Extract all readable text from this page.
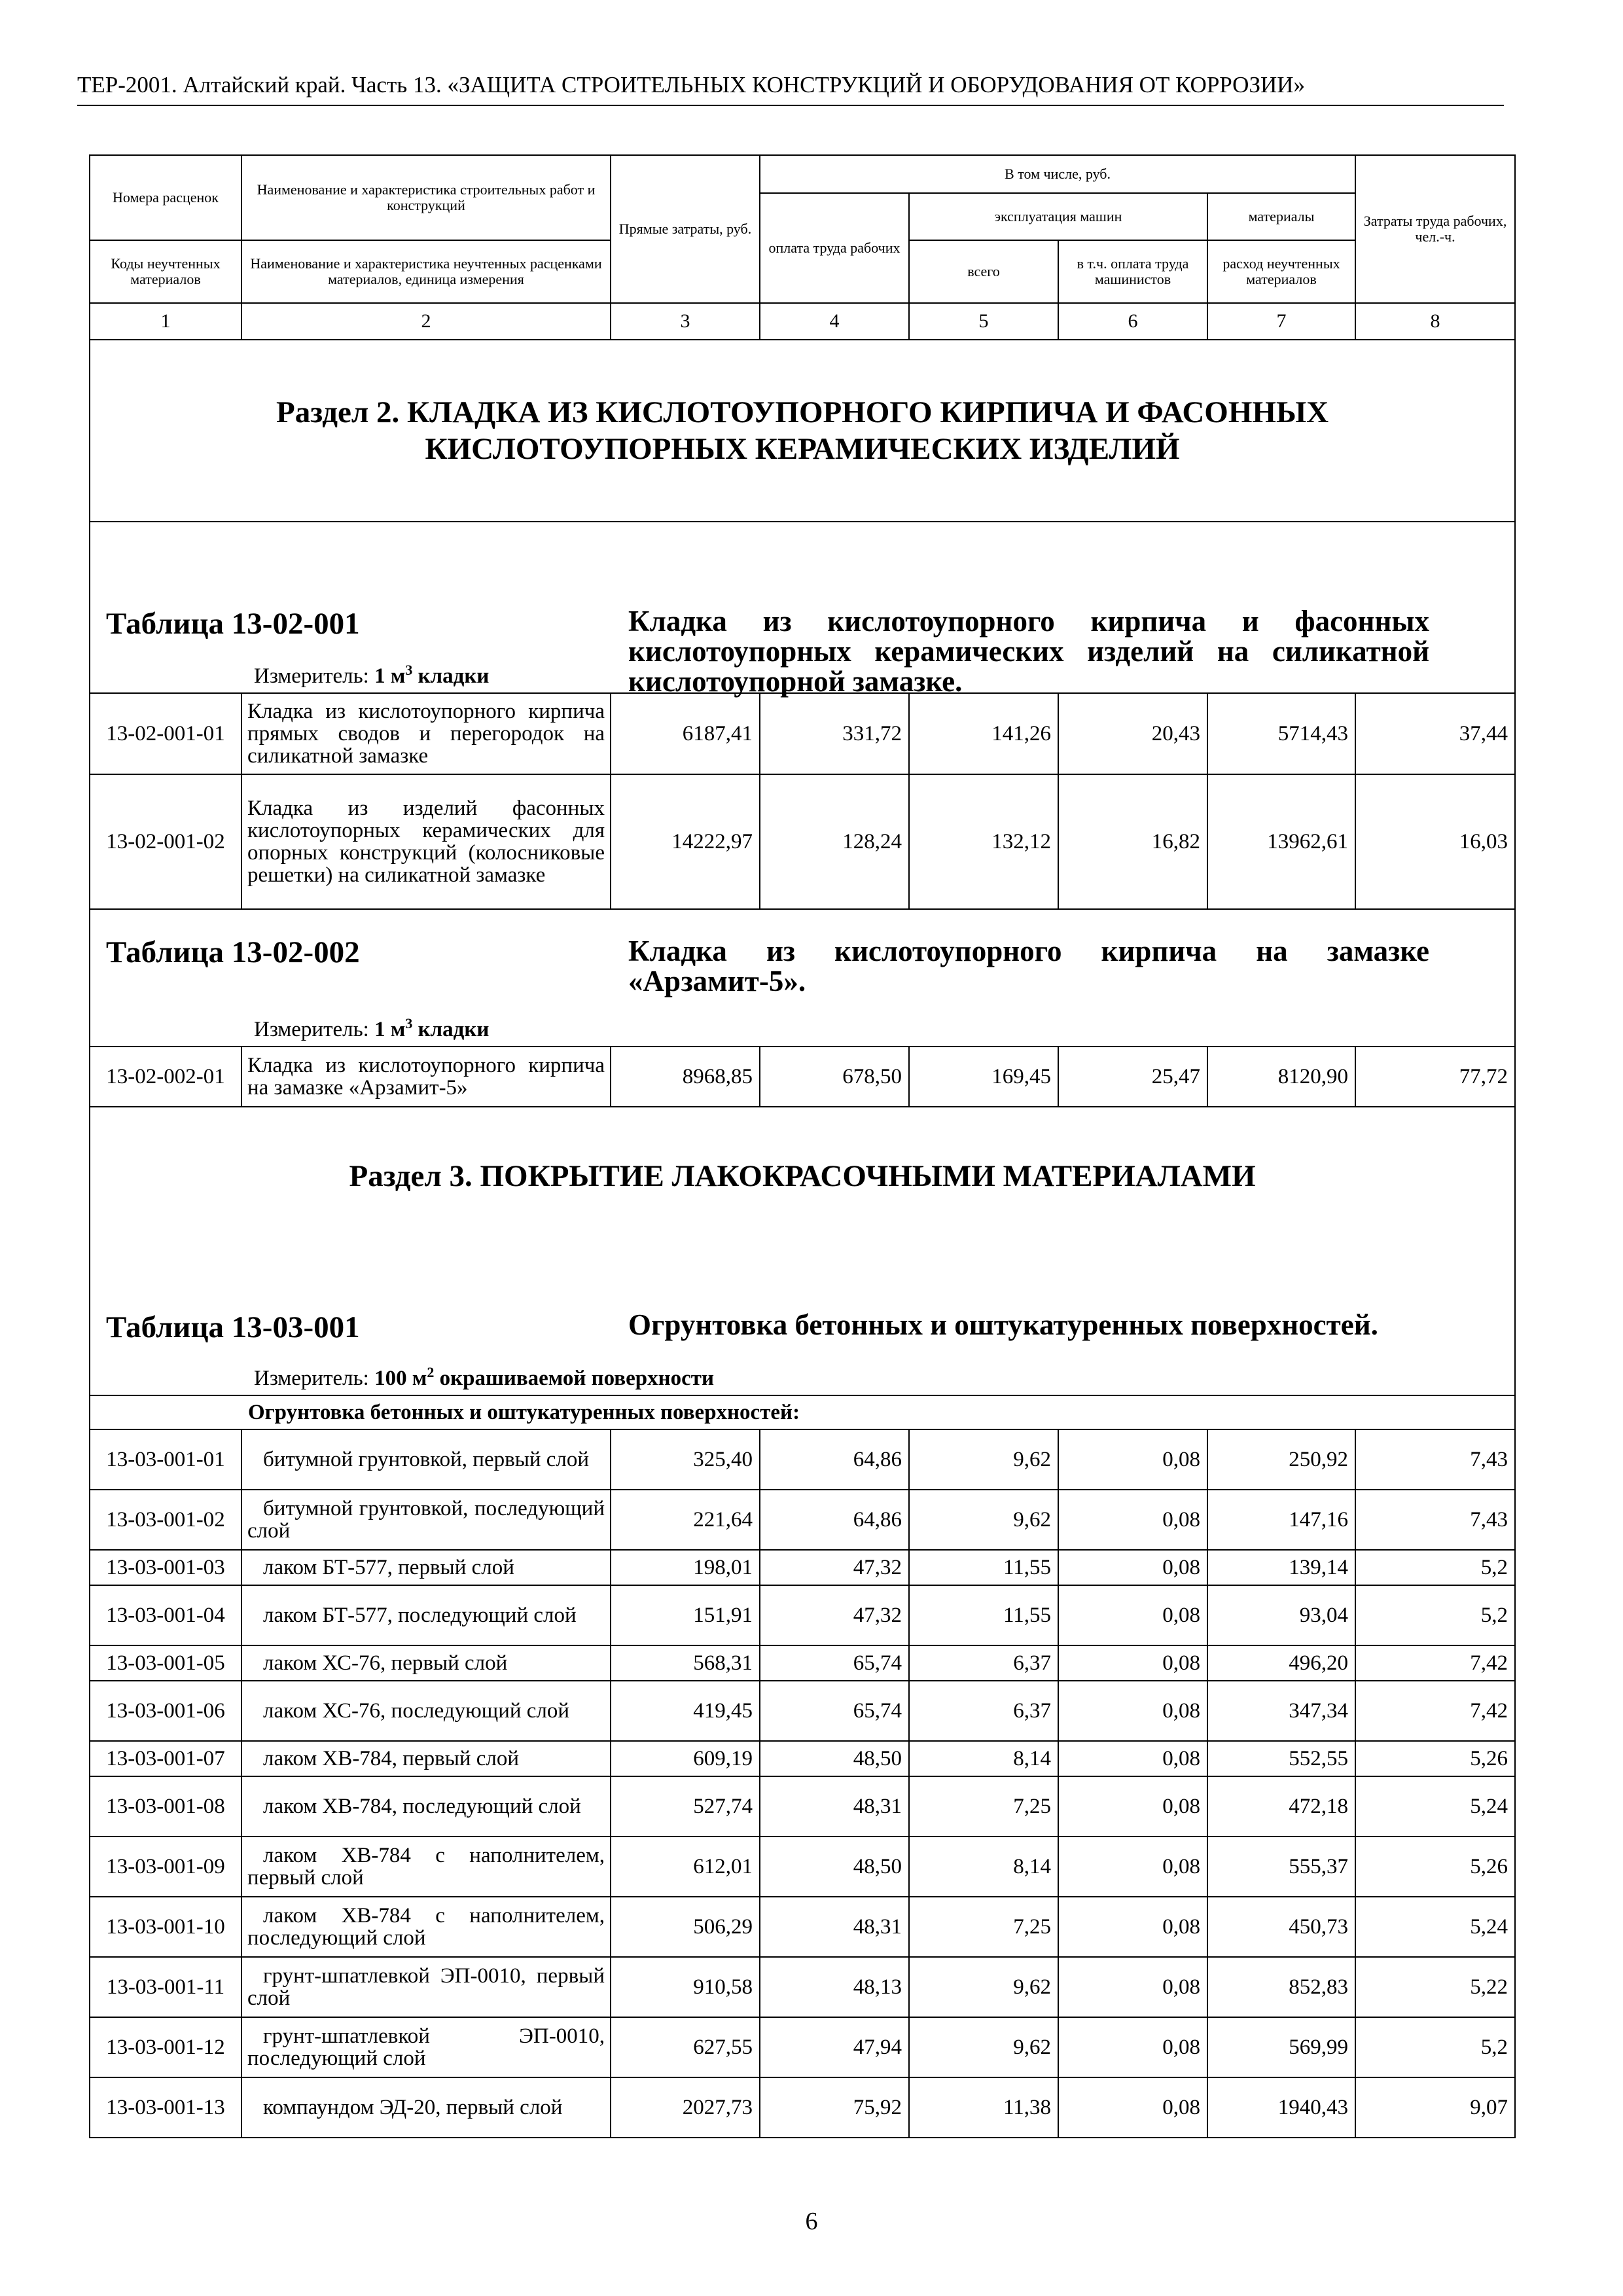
ТЕР-2001. Алтайский край. Часть 13. «ЗАЩИТА СТРОИТЕЛЬНЫХ КОНСТРУКЦИЙ И ОБОРУДОВАНИЯ ОТ КОРРОЗИИ»
Номера расценок	Наименование и характеристика строительных работ и конструкций	Прямые затраты, руб.	В том числе, руб.				Затраты труда рабочих, чел.-ч.
			оплата труда рабочих	эксплуатация машин		материалы	
Коды неучтенных материалов	Наименование и характеристика неучтенных расценками материалов, единица измерения			всего	в т.ч. оплата труда машинистов	расход неучтенных материалов	
1	2	3	4	5	6	7	8

Раздел 2. КЛАДКА ИЗ КИСЛОТОУПОРНОГО КИРПИЧА И ФАСОННЫХ
КИСЛОТОУПОРНЫХ КЕРАМИЧЕСКИХ ИЗДЕЛИЙ							

Таблица 13-02-001 Кладка из кислотоупорного кирпича и фасонных кислотоупорных керамических изделий на силикатной кислотоупорной замазке.
Измеритель: 1 $м^3$ кладки							

13-02-001-01	Кладка из кислотоупорного кирпича прямых сводов и перегородок на силикатной замазке	6187,41	331,72	141,26	20,43	5714,43	37,44
13-02-001-02	Кладка из изделий фасонных кислотоупорных керамических для опорных конструкций (колосниковые решетки) на силикатной замазке	14222,97	128,24	132,12	16,82	13962,61	16,03

Таблица 13-02-002 Кладка из кислотоупорного кирпича на замазке «Арзамит-5».
Измеритель: 1 $м^3$ кладки							

13-02-002-01	Кладка из кислотоупорного кирпича на замазке «Арзамит-5»	8968,85	678,50	169,45	25,47	8120,90	77,72
Раздел 3. ПОКРЫТИЕ ЛАКОКРАСОЧНЫМИ МАТЕРИАЛАМИ							

Таблица 13-03-001 Огрунтовка бетонных и оштукатуренных поверхностей.
Измеритель: 100 $м^2$ окрашиваемой поверхности							

	Огрунтовка бетонных и оштукатуренных поверхностей:						
13-03-001-01	битумной грунтовкой, первый слой	325,40	64,86	9,62	0,08	250,92	7,43
13-03-001-02	битумной грунтовкой, последующий слой	221,64	64,86	9,62	0,08	147,16	7,43
13-03-001-03	лаком БТ-577, первый слой	198,01	47,32	11,55	0,08	139,14	5,2
13-03-001-04	лаком БТ-577, последующий слой	151,91	47,32	11,55	0,08	93,04	5,2
13-03-001-05	лаком ХС-76, первый слой	568,31	65,74	6,37	0,08	496,20	7,42
13-03-001-06	лаком ХС-76, последующий слой	419,45	65,74	6,37	0,08	347,34	7,42
13-03-001-07	лаком ХВ-784, первый слой	609,19	48,50	8,14	0,08	552,55	5,26
13-03-001-08	лаком ХВ-784, последующий слой	527,74	48,31	7,25	0,08	472,18	5,24
13-03-001-09	лаком ХВ-784 с наполнителем, первый слой	612,01	48,50	8,14	0,08	555,37	5,26
13-03-001-10	лаком ХВ-784 с наполнителем, последующий слой	506,29	48,31	7,25	0,08	450,73	5,24
13-03-001-11	грунт-шпатлевкой ЭП-0010, первый слой	910,58	48,13	9,62	0,08	852,83	5,22
13-03-001-12	грунт-шпатлевкой ЭП-0010, последующий слой	627,55	47,94	9,62	0,08	569,99	5,2
13-03-001-13	компаундом ЭД-20, первый слой	2027,73	75,92	11,38	0,08	1940,43	9,07
6
